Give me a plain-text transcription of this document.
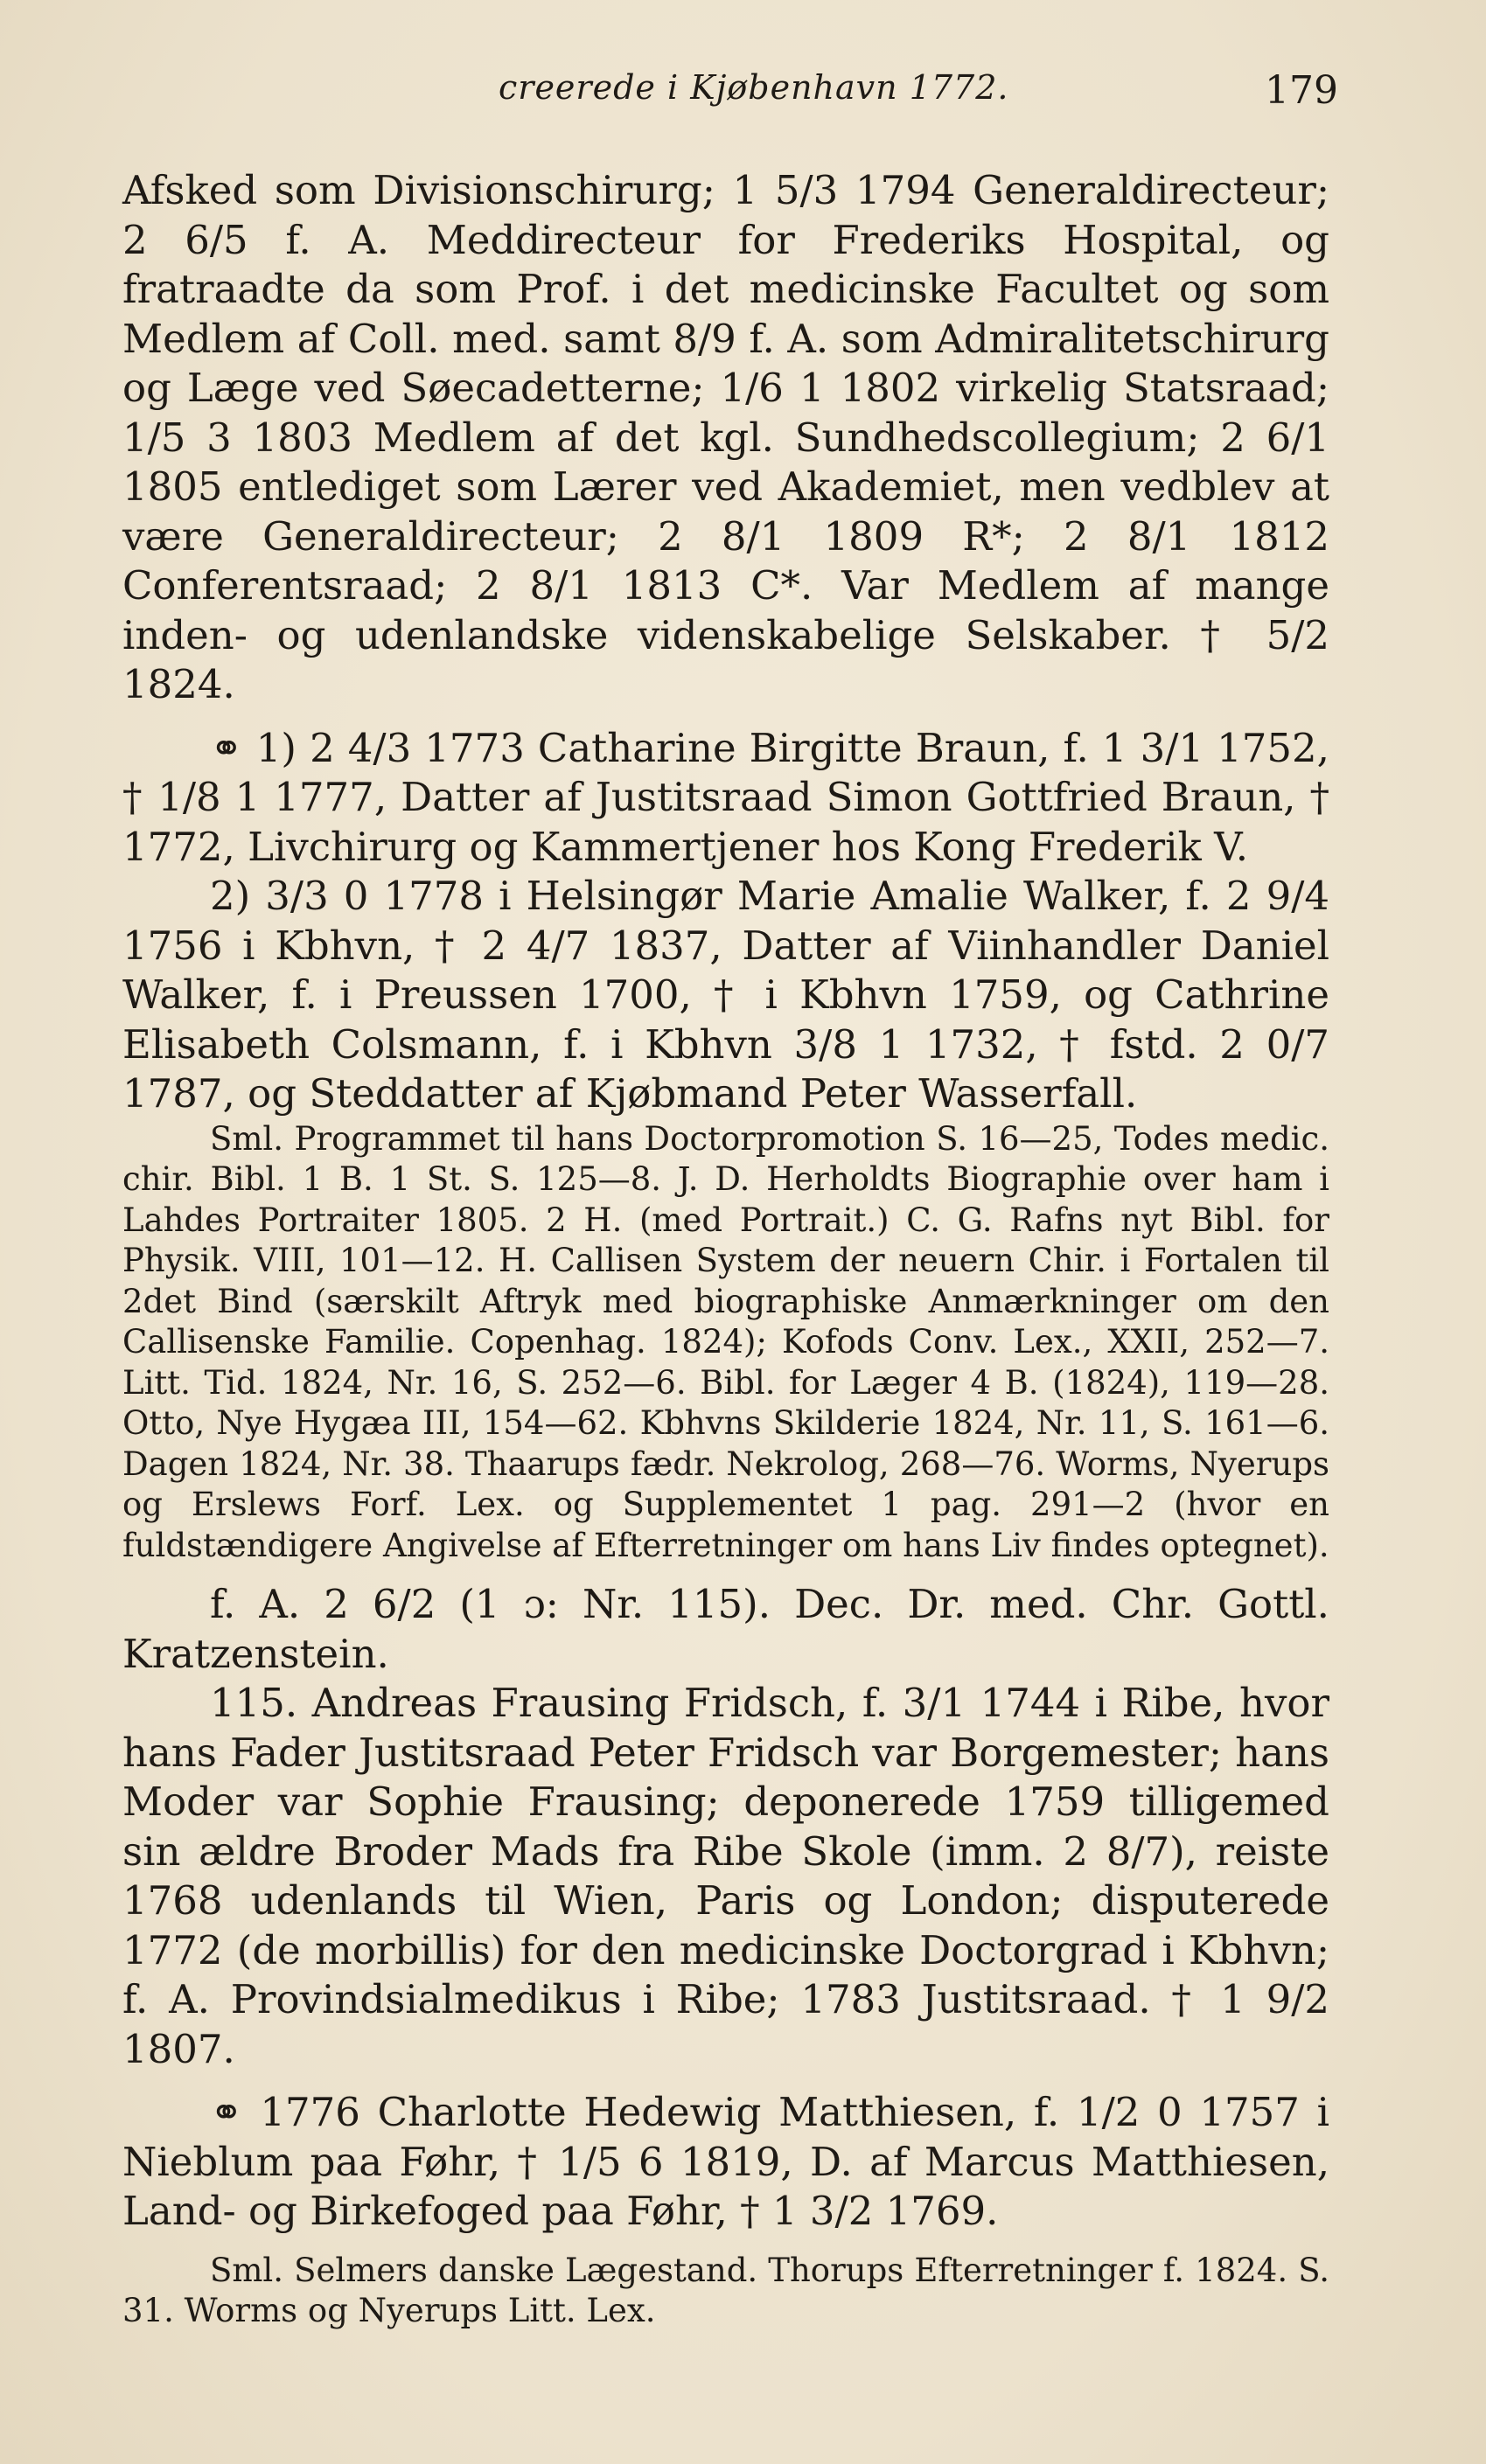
creerede i Kjøbenhavn 1772.	179

Afsked som Divisionschirurg; 1 5/3 1794 Generaldirecteur; 2 6/5 f. A. Meddirecteur for Frederiks Hospital, og fratraadte da som Prof. i det medicinske Facultet og som Medlem af Coll. med. samt 8/9 f. A. som Admiralitetschirurg og Læge ved Søecadetterne; 1/6 1 1802 virkelig Statsraad; 1/5 3 1803 Medlem af det kgl. Sundhedscollegium; 2 6/1 1805 entlediget som Lærer ved Akademiet, men vedblev at være Generaldirecteur; 2 8/1 1809 R*; 2 8/1 1812 Conferentsraad; 2 8/1 1813 C*. Var Medlem af mange inden- og udenlandske videnskabelige Selskaber. † 5/2 1824.

⚭ 1) 2 4/3 1773 Catharine Birgitte Braun, f. 1 3/1 1752, † 1/8 1 1777, Datter af Justitsraad Simon Gottfried Braun, † 1772, Livchirurg og Kammertjener hos Kong Frederik V.

2) 3/3 0 1778 i Helsingør Marie Amalie Walker, f. 2 9/4 1756 i Kbhvn, † 2 4/7 1837, Datter af Viinhandler Daniel Walker, f. i Preussen 1700, † i Kbhvn 1759, og Cathrine Elisabeth Colsmann, f. i Kbhvn 3/8 1 1732, † fstd. 2 0/7 1787, og Steddatter af Kjøbmand Peter Wasserfall.

Sml. Programmet til hans Doctorpromotion S. 16—25, Todes medic. chir. Bibl. 1 B. 1 St. S. 125—8. J. D. Herholdts Biographie over ham i Lahdes Portraiter 1805. 2 H. (med Portrait.) C. G. Rafns nyt Bibl. for Physik. VIII, 101—12. H. Callisen System der neuern Chir. i Fortalen til 2det Bind (særskilt Aftryk med biographiske Anmærkninger om den Callisenske Familie. Copenhag. 1824); Kofods Conv. Lex., XXII, 252—7. Litt. Tid. 1824, Nr. 16, S. 252—6. Bibl. for Læger 4 B. (1824), 119—28. Otto, Nye Hygæa III, 154—62. Kbhvns Skilderie 1824, Nr. 11, S. 161—6. Dagen 1824, Nr. 38. Thaarups fædr. Nekrolog, 268—76. Worms, Nyerups og Erslews Forf. Lex. og Supplementet 1 pag. 291—2 (hvor en fuldstændigere Angivelse af Efterretninger om hans Liv findes optegnet).

f. A. 2 6/2 (1 ɔ: Nr. 115). Dec. Dr. med. Chr. Gottl. Kratzenstein.

115. Andreas Frausing Fridsch, f. 3/1 1744 i Ribe, hvor hans Fader Justitsraad Peter Fridsch var Borgemester; hans Moder var Sophie Frausing; deponerede 1759 tilligemed sin ældre Broder Mads fra Ribe Skole (imm. 2 8/7), reiste 1768 udenlands til Wien, Paris og London; disputerede 1772 (de morbillis) for den medicinske Doctorgrad i Kbhvn; f. A. Provindsialmedikus i Ribe; 1783 Justitsraad. † 1 9/2 1807.

⚭ 1776 Charlotte Hedewig Matthiesen, f. 1/2 0 1757 i Nieblum paa Føhr, † 1/5 6 1819, D. af Marcus Matthiesen, Land- og Birkefoged paa Føhr, † 1 3/2 1769.

Sml. Selmers danske Lægestand. Thorups Efterretninger f. 1824. S. 31. Worms og Nyerups Litt. Lex.
